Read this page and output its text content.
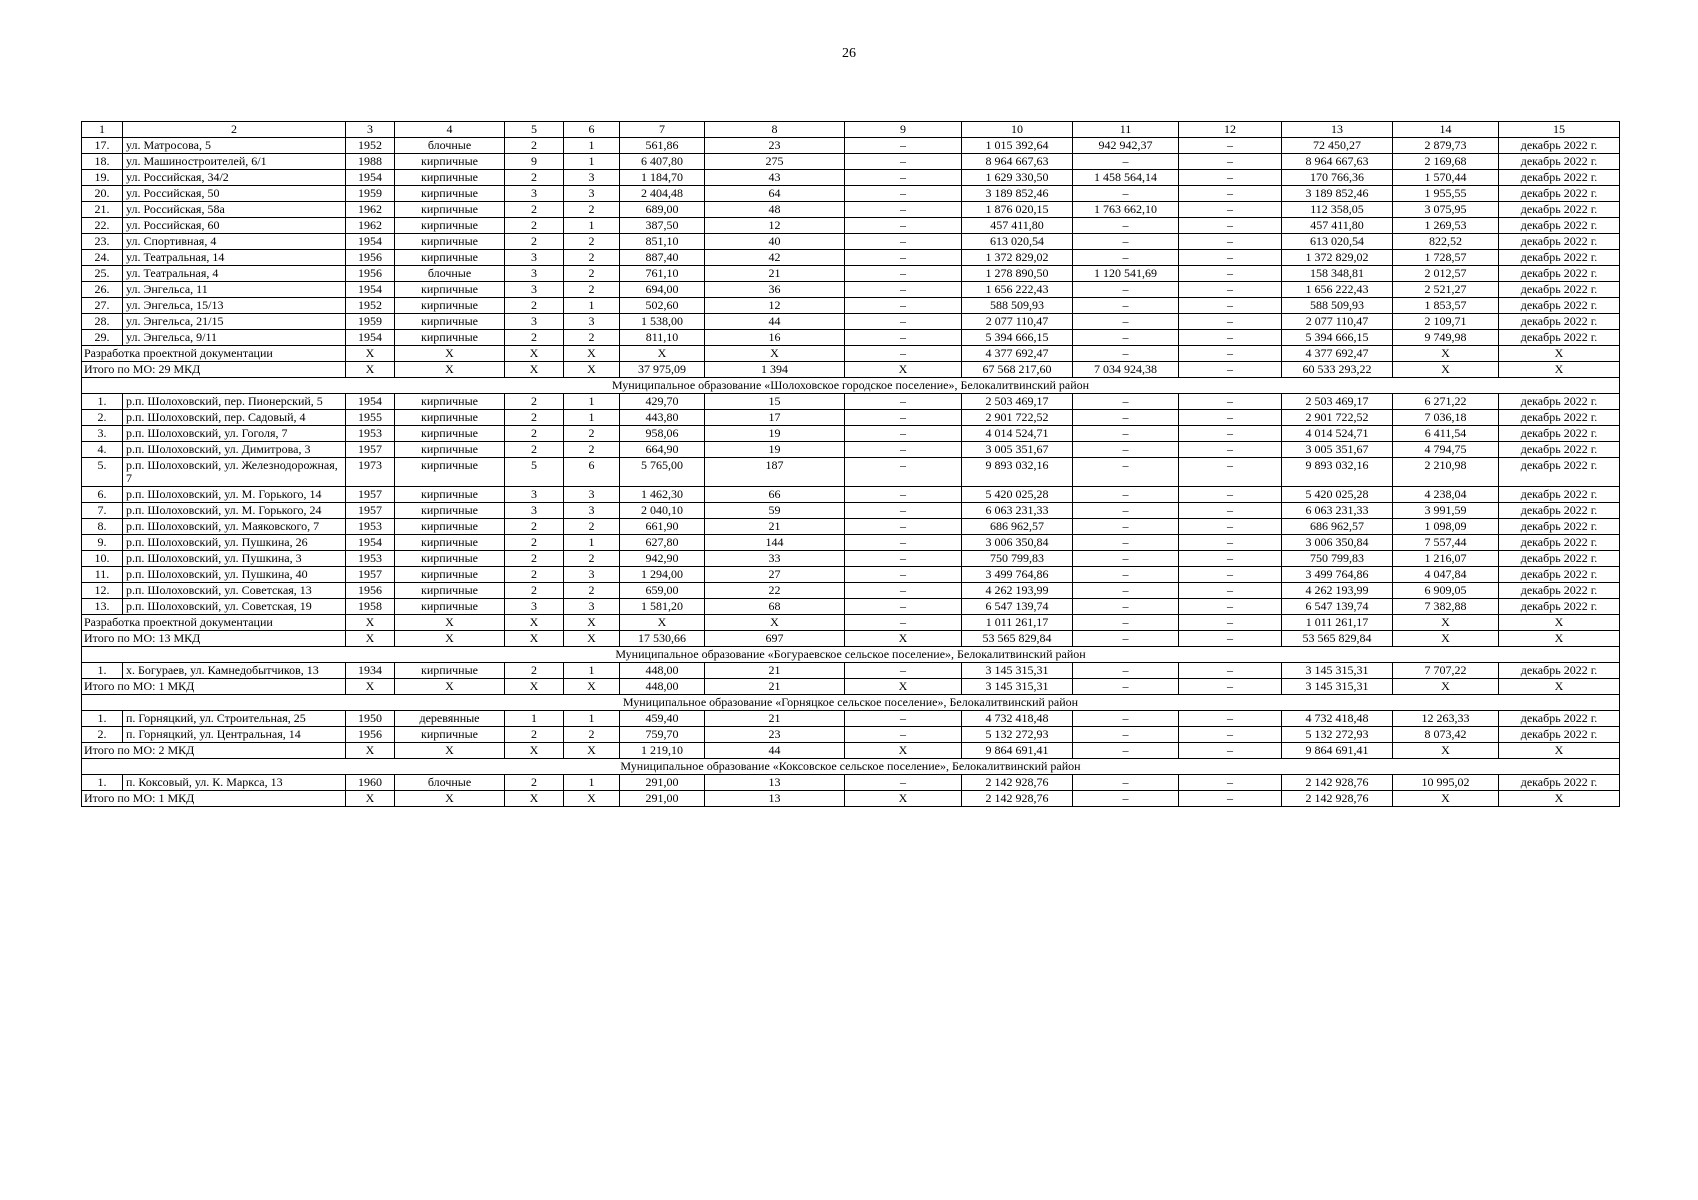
26
1	2	3	4	5	6	7	8	9	10	11	12	13	14	15
17.	ул. Матросова, 5	1952	блочные	2	1	561,86	23	–	1 015 392,64	942 942,37	–	72 450,27	2 879,73	декабрь 2022 г.
18.	ул. Машиностроителей, 6/1	1988	кирпичные	9	1	6 407,80	275	–	8 964 667,63	–	–	8 964 667,63	2 169,68	декабрь 2022 г.
19.	ул. Российская, 34/2	1954	кирпичные	2	3	1 184,70	43	–	1 629 330,50	1 458 564,14	–	170 766,36	1 570,44	декабрь 2022 г.
20.	ул. Российская, 50	1959	кирпичные	3	3	2 404,48	64	–	3 189 852,46	–	–	3 189 852,46	1 955,55	декабрь 2022 г.
21.	ул. Российская, 58а	1962	кирпичные	2	2	689,00	48	–	1 876 020,15	1 763 662,10	–	112 358,05	3 075,95	декабрь 2022 г.
22.	ул. Российская, 60	1962	кирпичные	2	1	387,50	12	–	457 411,80	–	–	457 411,80	1 269,53	декабрь 2022 г.
23.	ул. Спортивная, 4	1954	кирпичные	2	2	851,10	40	–	613 020,54	–	–	613 020,54	822,52	декабрь 2022 г.
24.	ул. Театральная, 14	1956	кирпичные	3	2	887,40	42	–	1 372 829,02	–	–	1 372 829,02	1 728,57	декабрь 2022 г.
25.	ул. Театральная, 4	1956	блочные	3	2	761,10	21	–	1 278 890,50	1 120 541,69	–	158 348,81	2 012,57	декабрь 2022 г.
26.	ул. Энгельса, 11	1954	кирпичные	3	2	694,00	36	–	1 656 222,43	–	–	1 656 222,43	2 521,27	декабрь 2022 г.
27.	ул. Энгельса, 15/13	1952	кирпичные	2	1	502,60	12	–	588 509,93	–	–	588 509,93	1 853,57	декабрь 2022 г.
28.	ул. Энгельса, 21/15	1959	кирпичные	3	3	1 538,00	44	–	2 077 110,47	–	–	2 077 110,47	2 109,71	декабрь 2022 г.
29.	ул. Энгельса, 9/11	1954	кирпичные	2	2	811,10	16	–	5 394 666,15	–	–	5 394 666,15	9 749,98	декабрь 2022 г.
Разработка проектной документации		X	X	X	X	X	X	–	4 377 692,47	–	–	4 377 692,47	X	X
Итого по МО: 29 МКД		X	X	X	X	37 975,09	1 394	X	67 568 217,60	7 034 924,38	–	60 533 293,22	X	X
Муниципальное образование «Шолоховское городское поселение», Белокалитвинский район														
1.	р.п. Шолоховский, пер. Пионерский, 5	1954	кирпичные	2	1	429,70	15	–	2 503 469,17	–	–	2 503 469,17	6 271,22	декабрь 2022 г.
2.	р.п. Шолоховский, пер. Садовый, 4	1955	кирпичные	2	1	443,80	17	–	2 901 722,52	–	–	2 901 722,52	7 036,18	декабрь 2022 г.
3.	р.п. Шолоховский, ул. Гоголя, 7	1953	кирпичные	2	2	958,06	19	–	4 014 524,71	–	–	4 014 524,71	6 411,54	декабрь 2022 г.
4.	р.п. Шолоховский, ул. Димитрова, 3	1957	кирпичные	2	2	664,90	19	–	3 005 351,67	–	–	3 005 351,67	4 794,75	декабрь 2022 г.
5.	р.п. Шолоховский, ул. Железнодорожная, 7	1973	кирпичные	5	6	5 765,00	187	–	9 893 032,16	–	–	9 893 032,16	2 210,98	декабрь 2022 г.
6.	р.п. Шолоховский, ул. М. Горького, 14	1957	кирпичные	3	3	1 462,30	66	–	5 420 025,28	–	–	5 420 025,28	4 238,04	декабрь 2022 г.
7.	р.п. Шолоховский, ул. М. Горького, 24	1957	кирпичные	3	3	2 040,10	59	–	6 063 231,33	–	–	6 063 231,33	3 991,59	декабрь 2022 г.
8.	р.п. Шолоховский, ул. Маяковского, 7	1953	кирпичные	2	2	661,90	21	–	686 962,57	–	–	686 962,57	1 098,09	декабрь 2022 г.
9.	р.п. Шолоховский, ул. Пушкина, 26	1954	кирпичные	2	1	627,80	144	–	3 006 350,84	–	–	3 006 350,84	7 557,44	декабрь 2022 г.
10.	р.п. Шолоховский, ул. Пушкина, 3	1953	кирпичные	2	2	942,90	33	–	750 799,83	–	–	750 799,83	1 216,07	декабрь 2022 г.
11.	р.п. Шолоховский, ул. Пушкина, 40	1957	кирпичные	2	3	1 294,00	27	–	3 499 764,86	–	–	3 499 764,86	4 047,84	декабрь 2022 г.
12.	р.п. Шолоховский, ул. Советская, 13	1956	кирпичные	2	2	659,00	22	–	4 262 193,99	–	–	4 262 193,99	6 909,05	декабрь 2022 г.
13.	р.п. Шолоховский, ул. Советская, 19	1958	кирпичные	3	3	1 581,20	68	–	6 547 139,74	–	–	6 547 139,74	7 382,88	декабрь 2022 г.
Разработка проектной документации		X	X	X	X	X	X	–	1 011 261,17	–	–	1 011 261,17	X	X
Итого по МО: 13 МКД		X	X	X	X	17 530,66	697	X	53 565 829,84	–	–	53 565 829,84	X	X
Муниципальное образование «Богураевское сельское поселение», Белокалитвинский район														
1.	х. Богураев, ул. Камнедобытчиков, 13	1934	кирпичные	2	1	448,00	21	–	3 145 315,31	–	–	3 145 315,31	7 707,22	декабрь 2022 г.
Итого по МО: 1 МКД		X	X	X	X	448,00	21	X	3 145 315,31	–	–	3 145 315,31	X	X
Муниципальное образование «Горняцкое сельское поселение», Белокалитвинский район														
1.	п. Горняцкий, ул. Строительная, 25	1950	деревянные	1	1	459,40	21	–	4 732 418,48	–	–	4 732 418,48	12 263,33	декабрь 2022 г.
2.	п. Горняцкий, ул. Центральная, 14	1956	кирпичные	2	2	759,70	23	–	5 132 272,93	–	–	5 132 272,93	8 073,42	декабрь 2022 г.
Итого по МО: 2 МКД		X	X	X	X	1 219,10	44	X	9 864 691,41	–	–	9 864 691,41	X	X
Муниципальное образование «Коксовское сельское поселение», Белокалитвинский район														
1.	п. Коксовый, ул. К. Маркса, 13	1960	блочные	2	1	291,00	13	–	2 142 928,76	–	–	2 142 928,76	10 995,02	декабрь 2022 г.
Итого по МО: 1 МКД		X	X	X	X	291,00	13	X	2 142 928,76	–	–	2 142 928,76	X	X
